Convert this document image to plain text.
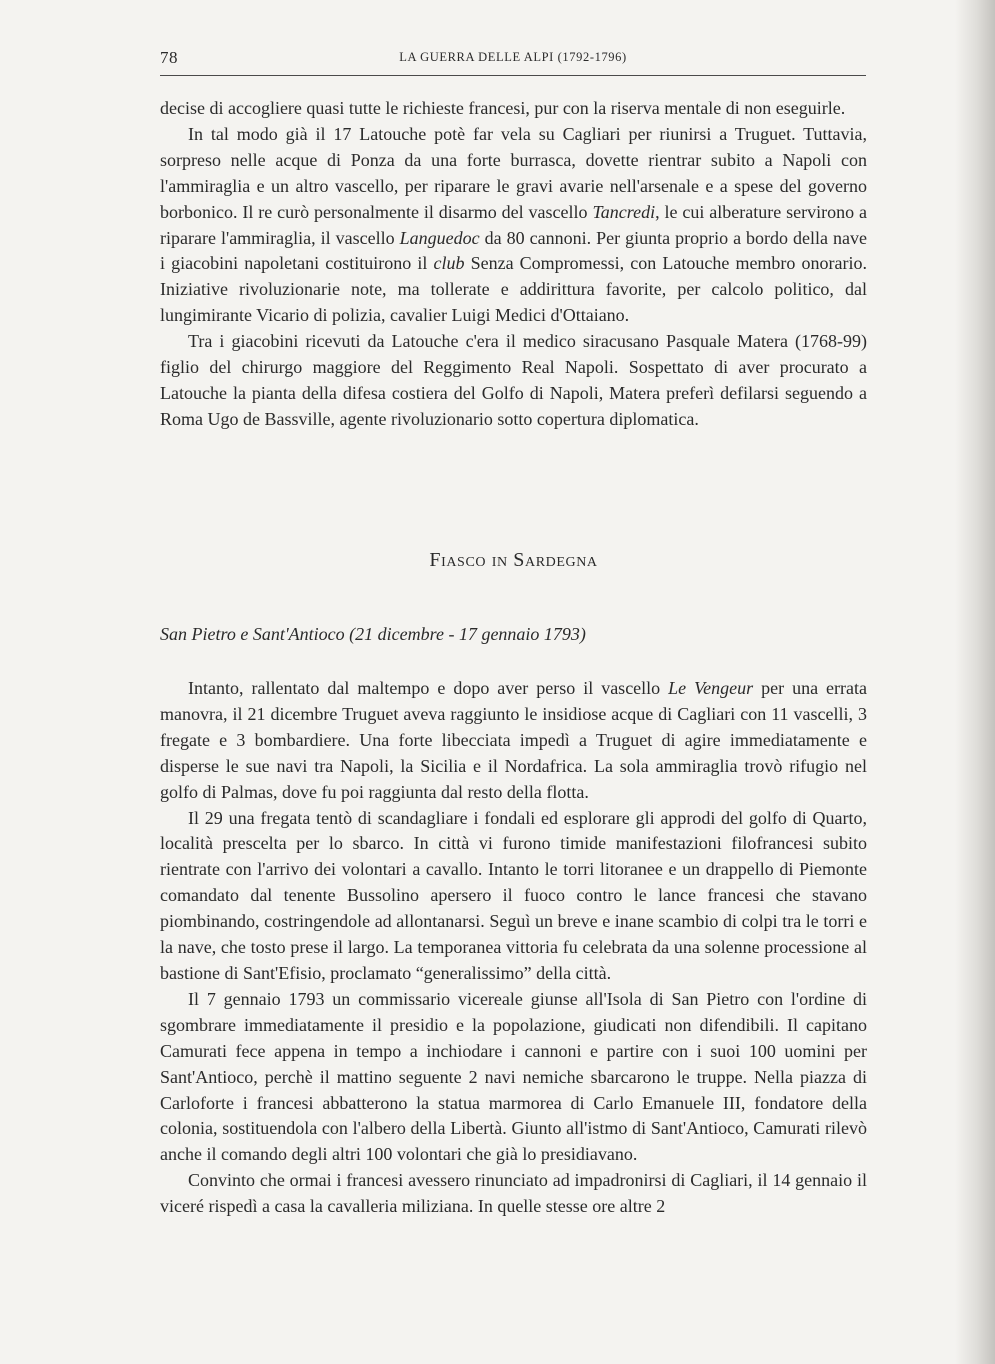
78	LA GUERRA DELLE ALPI (1792-1796)

decise di accogliere quasi tutte le richieste francesi, pur con la riserva mentale di non eseguirle.

In tal modo già il 17 Latouche potè far vela su Cagliari per riunirsi a Truguet. Tuttavia, sorpreso nelle acque di Ponza da una forte burrasca, dovette rientrar subito a Napoli con l'ammiraglia e un altro vascello, per riparare le gravi avarie nell'arsenale e a spese del governo borbonico. Il re curò personalmente il disarmo del vascello Tancredi, le cui alberature servirono a riparare l'ammiraglia, il vascello Languedoc da 80 cannoni. Per giunta proprio a bordo della nave i giacobini napoletani costituirono il club Senza Compromessi, con Latouche membro onorario. Iniziative rivoluzionarie note, ma tollerate e addirittura favorite, per calcolo politico, dal lungimirante Vicario di polizia, cavalier Luigi Medici d'Ottaiano.

Tra i giacobini ricevuti da Latouche c'era il medico siracusano Pasquale Matera (1768-99) figlio del chirurgo maggiore del Reggimento Real Napoli. Sospettato di aver procurato a Latouche la pianta della difesa costiera del Golfo di Napoli, Matera preferì defilarsi seguendo a Roma Ugo de Bassville, agente rivoluzionario sotto copertura diplomatica.

Fiasco in Sardegna
San Pietro e Sant'Antioco (21 dicembre - 17 gennaio 1793)

Intanto, rallentato dal maltempo e dopo aver perso il vascello Le Vengeur per una errata manovra, il 21 dicembre Truguet aveva raggiunto le insidiose acque di Cagliari con 11 vascelli, 3 fregate e 3 bombardiere. Una forte libecciata impedì a Truguet di agire immediatamente e disperse le sue navi tra Napoli, la Sicilia e il Nordafrica. La sola ammiraglia trovò rifugio nel golfo di Palmas, dove fu poi raggiunta dal resto della flotta.

Il 29 una fregata tentò di scandagliare i fondali ed esplorare gli approdi del golfo di Quarto, località prescelta per lo sbarco. In città vi furono timide manifestazioni filofrancesi subito rientrate con l'arrivo dei volontari a cavallo. Intanto le torri litoranee e un drappello di Piemonte comandato dal tenente Bussolino apersero il fuoco contro le lance francesi che stavano piombinando, costringendole ad allontanarsi. Seguì un breve e inane scambio di colpi tra le torri e la nave, che tosto prese il largo. La temporanea vittoria fu celebrata da una solenne processione al bastione di Sant'Efisio, proclamato “generalissimo” della città.

Il 7 gennaio 1793 un commissario vicereale giunse all'Isola di San Pietro con l'ordine di sgombrare immediatamente il presidio e la popolazione, giudicati non difendibili. Il capitano Camurati fece appena in tempo a inchiodare i cannoni e partire con i suoi 100 uomini per Sant'Antioco, perchè il mattino seguente 2 navi nemiche sbarcarono le truppe. Nella piazza di Carloforte i francesi abbatterono la statua marmorea di Carlo Emanuele III, fondatore della colonia, sostituendola con l'albero della Libertà. Giunto all'istmo di Sant'Antioco, Camurati rilevò anche il comando degli altri 100 volontari che già lo presidiavano.

Convinto che ormai i francesi avessero rinunciato ad impadronirsi di Cagliari, il 14 gennaio il viceré rispedì a casa la cavalleria miliziana. In quelle stesse ore altre 2
